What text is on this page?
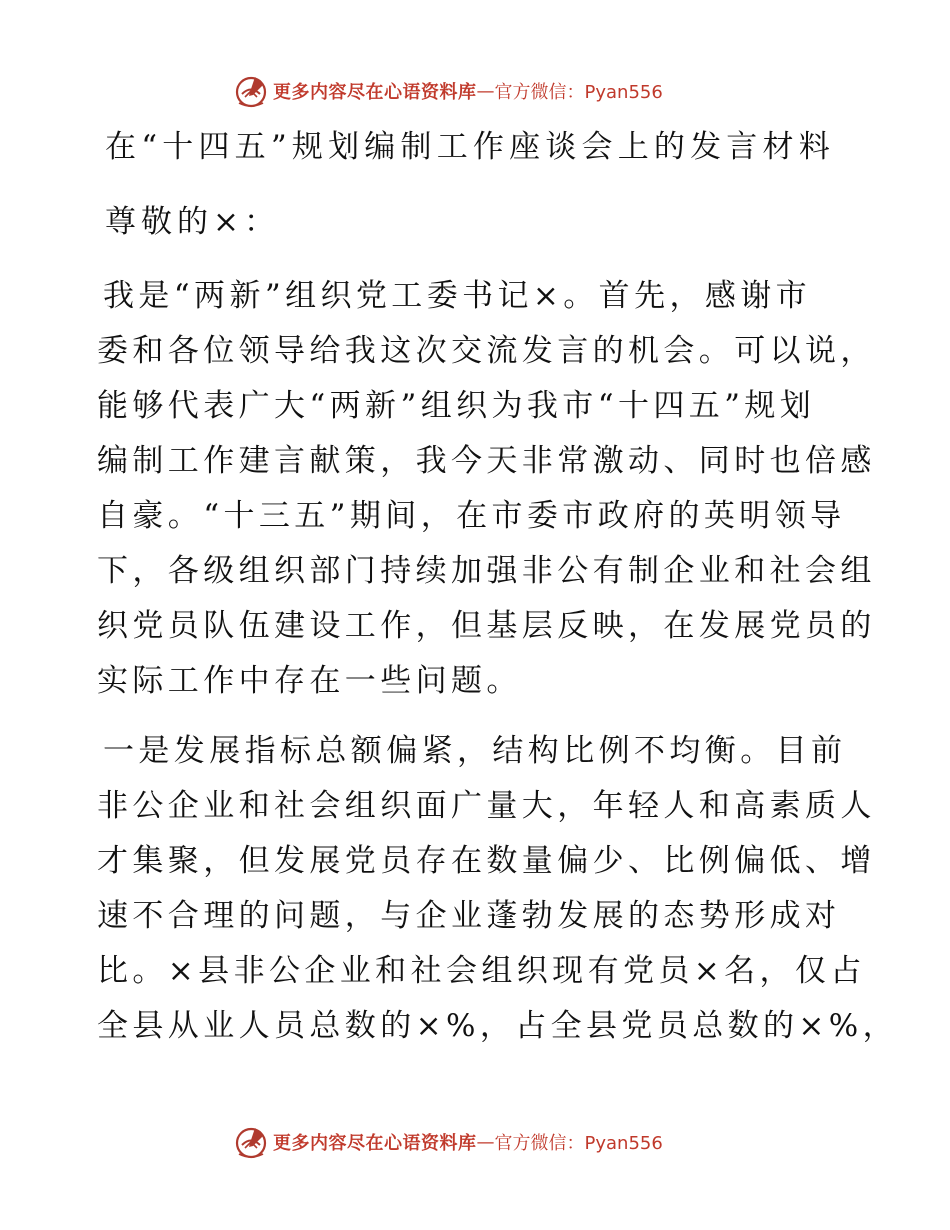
更多内容尽在心语资料库 — 官方微信：Pyan556
在“十四五”规划编制工作座谈会上的发言材料
尊敬的×：
我是“两新”组织党工委书记×。首先，感谢市
委和各位领导给我这次交流发言的机会。可以说，
能够代表广大“两新”组织为我市“十四五”规划
编制工作建言献策，我今天非常激动、同时也倍感
自豪。“十三五”期间，在市委市政府的英明领导
下，各级组织部门持续加强非公有制企业和社会组
织党员队伍建设工作，但基层反映，在发展党员的
实际工作中存在一些问题。
一是发展指标总额偏紧，结构比例不均衡。目前
非公企业和社会组织面广量大，年轻人和高素质人
才集聚，但发展党员存在数量偏少、比例偏低、增
速不合理的问题，与企业蓬勃发展的态势形成对
比。×县非公企业和社会组织现有党员×名，仅占
全县从业人员总数的×%，占全县党员总数的×%，
更多内容尽在心语资料库 — 官方微信：Pyan556
